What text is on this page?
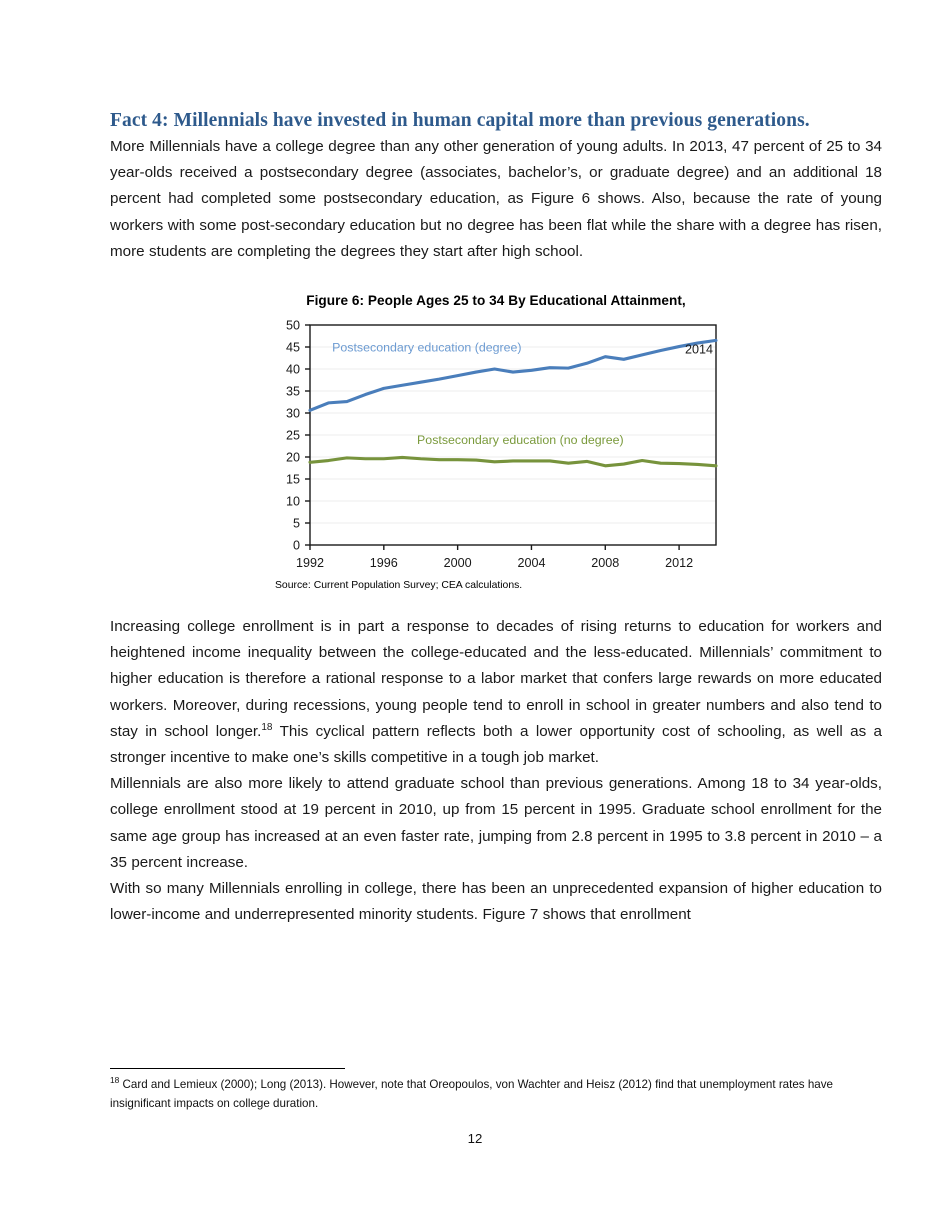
Fact 4: Millennials have invested in human capital more than previous generations.

More Millennials have a college degree than any other generation of young adults. In 2013, 47 percent of 25 to 34 year-olds received a postsecondary degree (associates, bachelor’s, or graduate degree) and an additional 18 percent had completed some postsecondary education, as Figure 6 shows. Also, because the rate of young workers with some post-secondary education but no degree has been flat while the share with a degree has risen, more students are completing the degrees they start after high school.

Figure 6: People Ages 25 to 34 By Educational Attainment,
0
5
10
15
20
25
30
35
40
45
50
1992	1996	2000	2004	2008	2012
Postsecondary education (degree)
Postsecondary education (no degree)
2014
Source: Current Population Survey; CEA calculations.

Increasing college enrollment is in part a response to decades of rising returns to education for workers and heightened income inequality between the college-educated and the less-educated. Millennials’ commitment to higher education is therefore a rational response to a labor market that confers large rewards on more educated workers. Moreover, during recessions, young people tend to enroll in school in greater numbers and also tend to stay in school longer.$^{18}$ This cyclical pattern reflects both a lower opportunity cost of schooling, as well as a stronger incentive to make one’s skills competitive in a tough job market.

Millennials are also more likely to attend graduate school than previous generations. Among 18 to 34 year-olds, college enrollment stood at 19 percent in 2010, up from 15 percent in 1995. Graduate school enrollment for the same age group has increased at an even faster rate, jumping from 2.8 percent in 1995 to 3.8 percent in 2010 – a 35 percent increase.

With so many Millennials enrolling in college, there has been an unprecedented expansion of higher education to lower-income and underrepresented minority students. Figure 7 shows that enrollment

$^{18}$ Card and Lemieux (2000); Long (2013). However, note that Oreopoulos, von Wachter and Heisz (2012) find that unemployment rates have insignificant impacts on college duration.

12
